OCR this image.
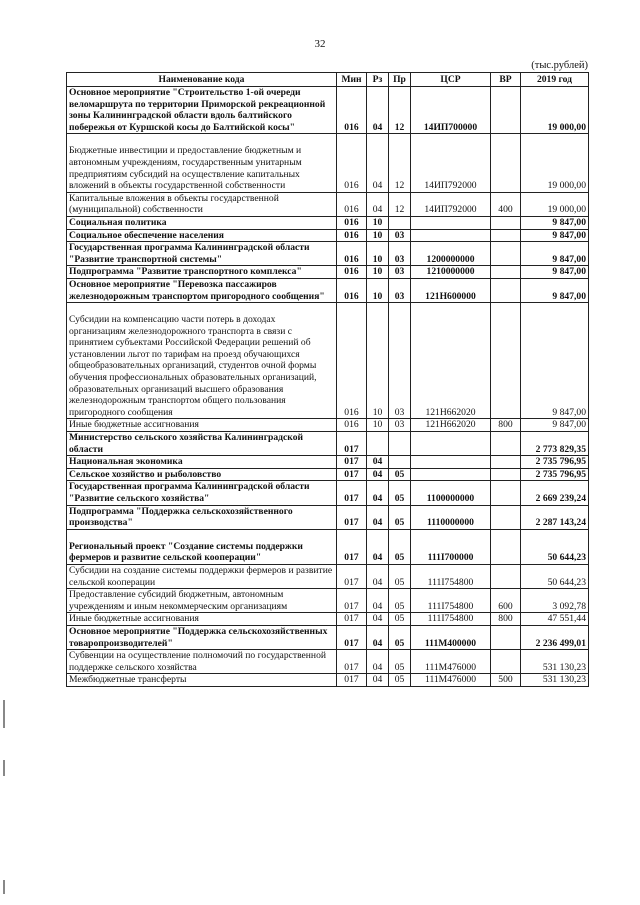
32
(тыс.рублей)
Наименование кода	Мин	Рз	Пр	ЦСР	ВР	2019 год
Основное мероприятие "Строительство 1-ой очереди веломаршрута по территории Приморской рекреационной зоны Калининградской области вдоль балтийского побережья от Куршской косы до Балтийской косы"	016	04	12	14ИП700000		19 000,00
Бюджетные инвестиции и предоставление бюджетным и автономным учреждениям, государственным унитарным предприятиям субсидий на осуществление капитальных вложений в объекты государственной собственности	016	04	12	14ИП792000		19 000,00
Капитальные вложения в объекты государственной (муниципальной) собственности	016	04	12	14ИП792000	400	19 000,00
Социальная политика	016	10				9 847,00
Социальное обеспечение населения	016	10	03			9 847,00
Государственная программа Калининградской области "Развитие транспортной системы"	016	10	03	1200000000		9 847,00
Подпрограмма "Развитие транспортного комплекса"	016	10	03	1210000000		9 847,00
Основное мероприятие "Перевозка пассажиров железнодорожным транспортом пригородного сообщения"	016	10	03	121Н600000		9 847,00
Субсидии на компенсацию части потерь в доходах организациям железнодорожного транспорта в связи с принятием субъектами Российской Федерации решений об установлении льгот по тарифам на проезд обучающихся общеобразовательных организаций, студентов очной формы обучения профессиональных образовательных организаций, образовательных организаций высшего образования железнодорожным транспортом общего пользования пригородного сообщения	016	10	03	121Н662020		9 847,00
Иные бюджетные ассигнования	016	10	03	121Н662020	800	9 847,00
Министерство сельского хозяйства Калининградской области	017					2 773 829,35
Национальная экономика	017	04				2 735 796,95
Сельское хозяйство и рыболовство	017	04	05			2 735 796,95
Государственная программа Калининградской области "Развитие сельского хозяйства"	017	04	05	1100000000		2 669 239,24
Подпрограмма "Поддержка сельскохозяйственного производства"	017	04	05	1110000000		2 287 143,24
Региональный проект "Создание системы поддержки фермеров и развитие сельской кооперации"	017	04	05	111I700000		50 644,23
Субсидии на создание системы поддержки фермеров и развитие сельской кооперации	017	04	05	111I754800		50 644,23
Предоставление субсидий бюджетным, автономным учреждениям и иным некоммерческим организациям	017	04	05	111I754800	600	3 092,78
Иные бюджетные ассигнования	017	04	05	111I754800	800	47 551,44
Основное мероприятие "Поддержка сельскохозяйственных товаропроизводителей"	017	04	05	111М400000		2 236 499,01
Субвенции на осуществление полномочий по государственной поддержке сельского хозяйства	017	04	05	111М476000		531 130,23
Межбюджетные трансферты	017	04	05	111М476000	500	531 130,23
